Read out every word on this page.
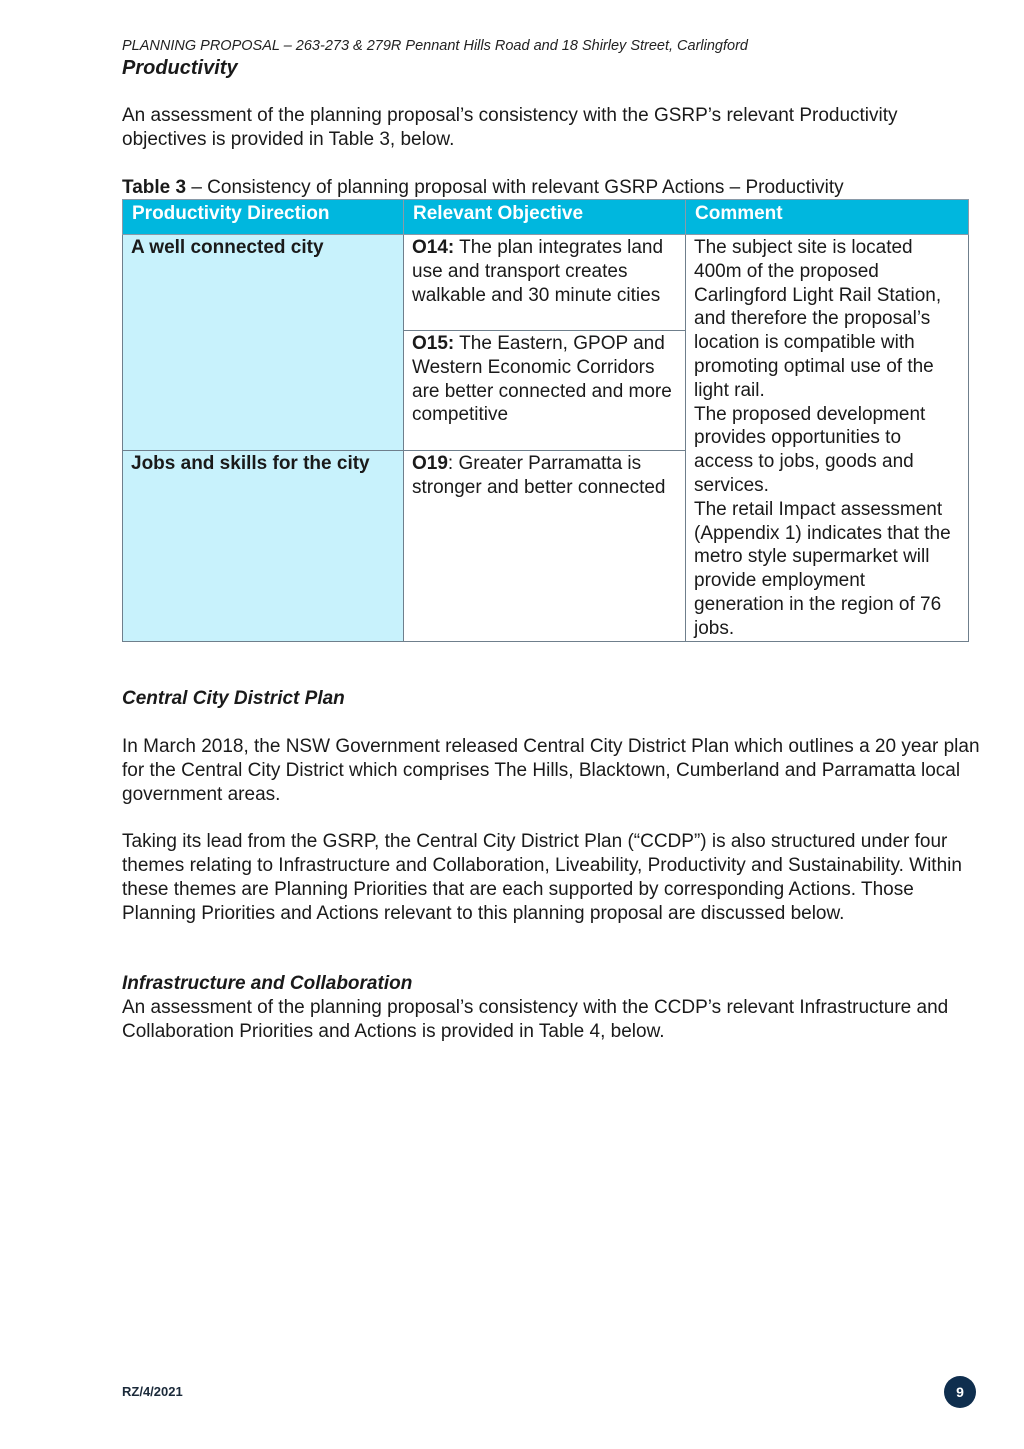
PLANNING PROPOSAL – 263-273 & 279R Pennant Hills Road and 18 Shirley Street, Carlingford
Productivity

An assessment of the planning proposal’s consistency with the GSRP’s relevant Productivity objectives is provided in Table 3, below.

Table 3 – Consistency of planning proposal with relevant GSRP Actions – Productivity
Productivity Direction	Relevant Objective	Comment
A well connected city	O14: The plan integrates land use and transport creates walkable and 30 minute cities	The subject site is located 400m of the proposed Carlingford Light Rail Station, and therefore the proposal’s location is compatible with promoting optimal use of the light rail.
The proposed development provides opportunities to access to jobs, goods and services.
The retail Impact assessment (Appendix 1) indicates that the metro style supermarket will provide employment generation in the region of 76 jobs.

	O15: The Eastern, GPOP and Western Economic Corridors are better connected and more competitive	

Jobs and skills for the city	O19: Greater Parramatta is stronger and better connected	
Central City District Plan

In March 2018, the NSW Government released Central City District Plan which outlines a 20 year plan for the Central City District which comprises The Hills, Blacktown, Cumberland and Parramatta local government areas.

Taking its lead from the GSRP, the Central City District Plan (“CCDP”) is also structured under four themes relating to Infrastructure and Collaboration, Liveability, Productivity and Sustainability. Within these themes are Planning Priorities that are each supported by corresponding Actions. Those Planning Priorities and Actions relevant to this planning proposal are discussed below.

Infrastructure and Collaboration

An assessment of the planning proposal’s consistency with the CCDP’s relevant Infrastructure and Collaboration Priorities and Actions is provided in Table 4, below.

RZ/4/2021	9
